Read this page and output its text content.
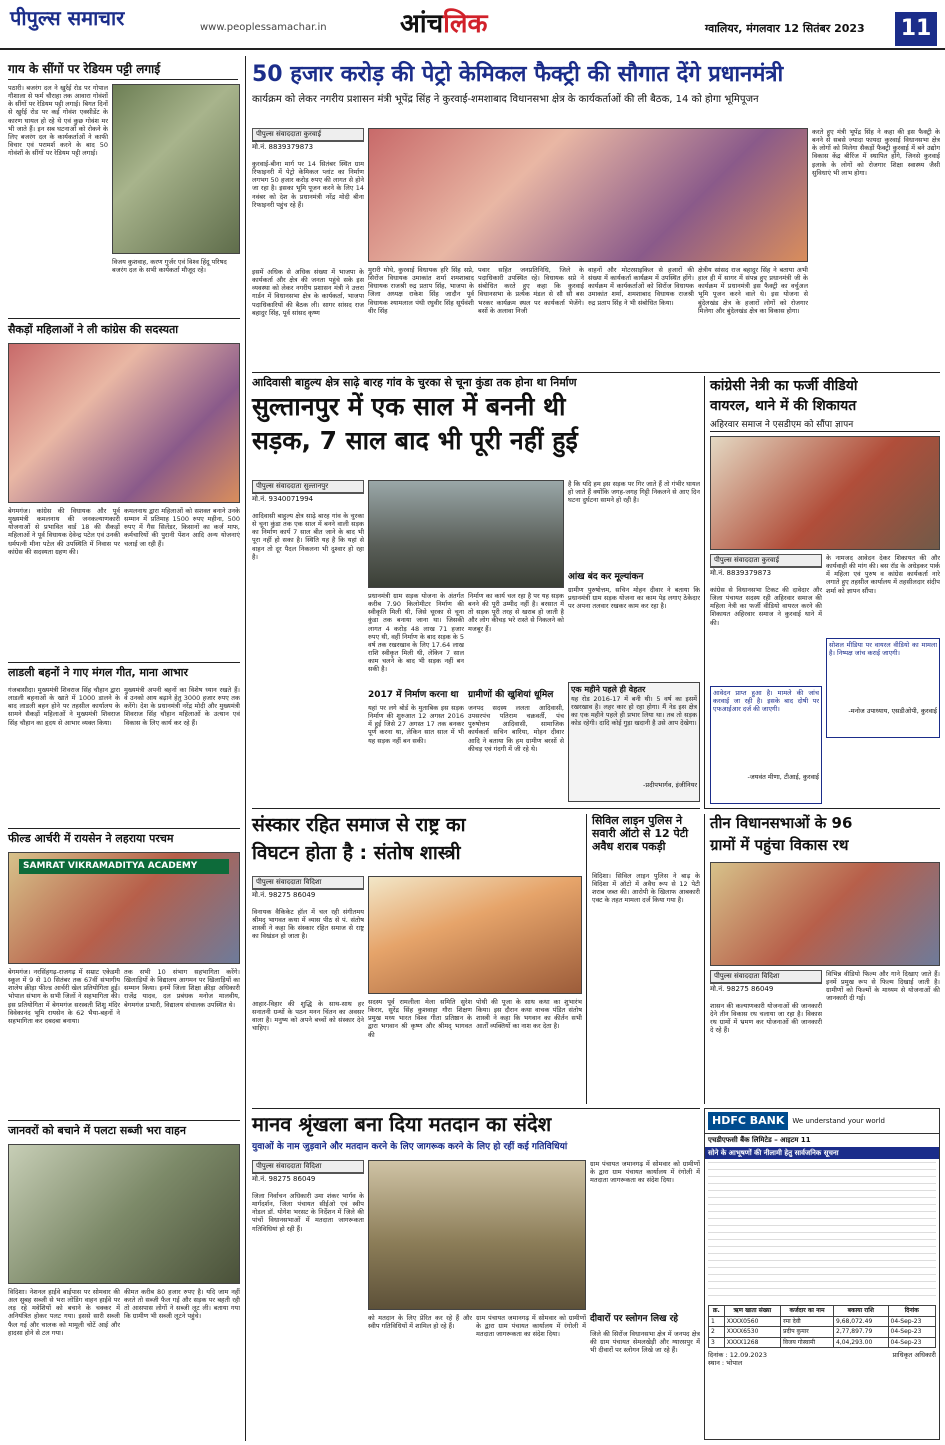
पीपुल्स समाचार	www.peoplessamachar.in	आंचलिक	ग्वालियर, मंगलवार 12 सितंबर 2023 11
गाय के सींगों पर रेडियम पट्टी लगाई
पठारी। बजरंग दल ने खुर्रई रोड पर गोपाल गौशाला से फर्म चौराहा तक आवारा गोवंशों के सींगों पर रेडियम पट्टी लगाई। बिगत दिनों से खुर्रई रोड पर कई गोवंश एक्सीडेंट के कारण घायल हो रहे थे एवं कुछ गोवंश मर भी जाते हैं। इन सब घटनाओं को रोकने के लिए बजरंग दल के कार्यकर्ताओं ने काफी विचार एवं परामर्श करने के बाद 50 गोवंशों के सींगों पर रेडियम पट्टी लगाई।
विजय कुशवाह, करण गुर्जर एवं विश्व हिंदू परिषद बजरंग दल के सभी कार्यकर्ता मौजूद रहे।
सैकड़ों महिलाओं ने ली कांग्रेस की सदस्यता
बेगमगंज। कांग्रेस की विधायक और पूर्व मुख्यमंत्री कमलनाथ की जनकल्याणकारी योजनाओं से प्रभावित वार्ड 18 की सैकड़ों महिलाओं ने पूर्व विधायक देवेन्द्र पटेल एवं उनकी धर्मपत्नी मीना पटेल की उपस्थिति में निवास पर कांग्रेस की सदस्यता ग्रहण की।
कमलनाथ द्वारा महिलाओं को सशक्त बनाने उनके सम्मान में प्रतिमाह 1500 रुपए महीना, 500 रुपए में गैस सिलेंडर, किसानों का कर्ज माफ, कर्मचारियों की पुरानी पेंशन आदि अन्य योजनाएं चलाई जा रही हैं।
लाडली बहनों ने गाए मंगल गीत, माना आभार
गंजबासौदा। मुख्यमंत्री शिवराज सिंह चौहान द्वारा लाडली बहनाओं के खाते में 1000 डालने के बाद लाडली बहन होने पर तहसील कार्यालय के सामने सैकड़ों महिलाओं ने मुख्यमंत्री शिवराज सिंह चौहान का हृदय से आभार व्यक्त किया।
मुख्यमंत्री अपनी बहनों का विशेष ध्यान रखते हैं। वे उनको आय बढ़ाने हेतु 3000 हजार रुपए तक करेंगे। देश के प्रधानमंत्री नरेंद्र मोदी और मुख्यमंत्री शिवराज सिंह चौहान महिलाओं के उत्थान एवं विकास के लिए कार्य कर रहे हैं।
फील्ड आर्चरी में रायसेन ने लहराया परचम
SAMRAT VIKRAMADITYA ACADEMY
बेगमगंज। नरसिंहगढ़-राजगढ़ में सम्राट एकेडमी स्कूल में 9 से 10 सितंबर तक 67वीं संभागीय शालेय क्रीड़ा फील्ड आर्चरी खेल प्रतियोगिता हुई। भोपाल संभाग के सभी जिलों ने सहभागिता की। इस प्रतियोगिता में बेगमगंज सरस्वती शिशु मंदिर विवेकानंद भूमि रायसेन के 62 भैया-बहनों ने सहभागिता कर दबदबा बनाया।
तक सभी 10 संभाग सहभागिता करेंगे। खिलाड़ियों के विद्यालय आगमन पर खिलाड़ियों का सम्मान किया। इनमें जिला शिक्षा क्रीड़ा अधिकारी राजेंद्र यादव, दल प्रबंधक मनोज मालवीय, बेगमगंज प्रभारी, विद्यालय संचालक उपस्थित थे।
जानवरों को बचाने में पलटा सब्जी भरा वाहन
विदिशा। नेशनल हाईवे बाईपास पर सोमवार की अल सुबह सब्जी से भरा लोडिंग वाहन हाईवे पर लड़ रहे मवेशियों को बचाने के चक्कर में अनियंत्रित होकर पलट गया। इससे सारी सब्जी फैल गई और चालक को मामूली चोटें आई और हादसा होने से टल गया।
कीमत करीब 80 हजार रुपए है। यदि जाम नहीं करते तो सब्जी फैल गई और सड़क पर बहती रही तो आसपास लोगों ने सब्जी लूट ली। बताया गया कि ग्रामीण भी सब्जी लूटने पहुंचे।
50 हजार करोड़ की पेट्रो केमिकल फैक्ट्री की सौगात देंगे प्रधानमंत्री
कार्यक्रम को लेकर नगरीय प्रशासन मंत्री भूपेंद्र सिंह ने कुरवाई-शमशाबाद विधानसभा क्षेत्र के कार्यकर्ताओं की ली बैठक, 14 को होगा भूमिपूजन
पीपुल्स संवाददाता कुरवाई
मो.नं. 8839379873
कुरवाई-बीना मार्ग पर 14 सितंबर स्थित ग्राम रिफाइनरी में पेट्रो केमिकल प्लांट का निर्माण लगभग 50 हजार करोड़ रुपए की लागत से होने जा रहा है। इसका भूमि पूजन करने के लिए 14 नवंबर को देश के प्रधानमंत्री नरेंद्र मोदी बीना रिफाइनरी पहुंच रहे हैं।
इसमें अधिक से अधिक संख्या में भाजपा के कार्यकर्ता और क्षेत्र की जनता पहुंचे सके इस व्यवस्था को लेकर नगरीय प्रशासन मंत्री ने उत्तरा गार्डन में विधानसभा क्षेत्र के कार्यकर्ता, भाजपा पदाधिकारियों की बैठक ली। सागर सांसद राज बहादुर सिंह, पूर्व सांसद कृष्ण
मुरारी मोघे, कुरवाई विधायक हरि सिंह सप्रे, सिरोंज विधायक उमाकांत शर्मा शमशाबाद विधायक राजश्री रुद्र प्रताप सिंह, भाजपा के जिला अध्यक्ष राकेश सिंह जादौन पूर्व विधायक श्यामलाल पंथी रघुवीर सिंह सूर्यवंशी वीर सिंह
पवार सहित जनप्रतिनिधि, जिले के पदाधिकारी उपस्थित रहे। विधायक सप्रे ने संबोधित करते हुए कहा कि कुरवाई विधानसभा के प्रत्येक मंडल से सौ सौ बस भरकर कार्यक्रम स्थल पर कार्यकर्ता भेजेंगे। बसों के अलावा निजी
वाहनों और मोटरसाइकिल से हजारों की संख्या में कार्यकर्ता कार्यक्रम में उपस्थित होंगे। कार्यक्रम में कार्यकर्ताओं को सिरोंज विधायक उमाकांत शर्मा, शमशाबाद विधायक राजश्री रुद्र प्रताप सिंह ने भी संबोधित किया।
करते हुए मंत्री भूपेंद्र सिंह ने कहा की इस फैक्ट्री के बनने से सबसे ज्यादा फायदा कुरवाई विधानसभा क्षेत्र के लोगों को मिलेगा सैकड़ों फैक्ट्री कुरवाई में बने उद्योग विकास केंद्र बीरिंज में स्थापित होंगे, जिनसे कुरवाई इलाके के लोगों को रोजगार शिक्षा स्वास्थ्य जैसी सुविधाएं भी लाभ होगा।
क्षेत्रीय सांसद राज बहादुर सिंह ने बताया अभी हाल ही में सागर में संपन्न हुए प्रधानमंत्री जी के कार्यक्रम में प्रधानमंत्री इस फैक्ट्री का वर्चुअल भूमि पूजन करने वाले थे। इस योजना से बुंदेलखंड क्षेत्र के हजारों लोगों को रोजगार मिलेगा और बुंदेलखंड क्षेत्र का विकास होगा।
आदिवासी बाहुल्य क्षेत्र साढ़े बारह गांव के चुरका से चूना कुंडा तक होना था निर्माण
सुल्तानपुर में एक साल में बननी थी
सड़क, 7 साल बाद भी पूरी नहीं हुई
पीपुल्स संवाददाता सुल्तानपुर
मो.नं. 9340071994
आदिवासी बाहुल्य क्षेत्र साढ़े बारह गांव के चुरका से चूना कुंडा तक एक साल में बनने वाली सड़क का निर्माण कार्य 7 साल बीत जाने के बाद भी पूरा नहीं हो सका है। स्थिति यह है कि यहां से वाहन तो दूर पैदल निकलना भी दुश्वार हो रहा है।
प्रधानमंत्री ग्राम सड़क योजना के अंतर्गत करीब 7.90 किलोमीटर निर्माण की स्वीकृति मिली थी, जिसे चूरका से चूना कुंडा तक बनाया जाना था। जिसकी लागत 4 करोड़ 48 लाख 71 हजार रुपए थी, वहीं निर्माण के बाद सड़क के 5 वर्ष तक रखरखाव के लिए 17.64 लाख राशि स्वीकृत मिली थी, लेकिन 7 साल काम चलने के बाद भी सड़क नहीं बन सकी है।
2017 में निर्माण करना था
यहां पर लगे बोर्ड के मुताबिक इस सड़क निर्माण की शुरुआत 12 अगस्त 2016 में हुई जिसे 27 अगस्त 17 तक बनकर पूर्ण करना था, लेकिन सात साल में भी यह सड़क नहीं बन सकी।
निर्माण का कार्य चल रहा है पर यह सड़क बनने की पूरी उम्मीद नहीं है। बरसात में तो सड़क पूरी तरह से खराब हो जाती है और लोग कीचड़ भरे रास्ते से निकलने को मजबूर हैं।
ग्रामीणों की खुशियां धूमिल
जनपद सदस्य ललता आदिवासी, उपसरपंच पतिराम चक्रवर्ती, पंच पुरुषोत्तम आदिवासी, सामाजिक कार्यकर्ता सचिन बारिया, मोहन दीवार आदि ने बताया कि हम ग्रामीण बरसों से कीचड़ एवं गंदगी में जी रहे थे।
है कि यदि हम इस सड़क पर गिर जाते हैं तो गंभीर घायल हो जाते हैं क्योंकि जगह-जगह गिट्टी निकलने से आए दिन घटना दुर्घटना सामने हो रही है।
आंख बंद कर मूल्यांकन
ग्रामीण पुरुषोत्तम, सचिन मोहन दीवार ने बताया कि प्रधानमंत्री ग्राम सड़क योजना का काम पेड़ लगाए ठेकेदार पर अपना तलवार रखकर काम कर रहा है।
एक महीने पहले ही वेहतर
यह रोड 2016-17 में बनी थी। 5 वर्ष का इसमें रखरखाव है। लहर कार हो रहा होगा। मैं नेड इस क्षेत्र का एक महीने पहले ही प्रभार लिया था। तब तो सड़क कोड रहेगी। दादि कोई गुड़ा खदानी है उसे आप देखेगा।
-प्रदीपभार्गव, इंजीनियर
कांग्रेसी नेत्री का फर्जी वीडियो
वायरल, थाने में की शिकायत
अहिरवार समाज ने एसडीएम को सौंपा ज्ञापन
पीपुल्स संवाददाता कुरवाई
मो.नं. 8839379873
कांग्रेस से विधानसभा टिकट की दावेदार और जिला पंचायत सदस्य रही अहिरवार समाज की महिला नेत्री का फर्जी वीडियो वायरल करने की शिकायत अहिरवार समाज ने कुरवाई थाने में की।
के नामजद आवेदन देकर शिकायत की और कार्यवाही की मांग की। बस रॉड के अधेड़कर पार्क में महिला एवं पुरुष व कांग्रेस कार्यकर्ता नारे लगाते हुए तहसील कार्यालय में तहसीलदार संदीप शर्मा को ज्ञापन सौंपा।
सोशल मीडिया पर वायरल वीडियो का मामला है। निष्पक्ष जांच कराई जाएगी।
-मनोज उपाध्याय, एसडीओपी, कुरवाई
आवेदन प्राप्त हुआ है। मामले की जांच करवाई जा रही है। इसके बाद दोषी पर एफआईआर दर्ज की जाएगी।
-जयवंत मीणा, टीआई, कुरवाई
संस्कार रहित समाज से राष्ट्र का
विघटन होता है : संतोष शास्त्री
पीपुल्स संवाददाता विदिशा
मो.नं. 98275 86049
विनायक वैकिकेट हॉल में चल रही संगीतमय श्रीमद् भागवत कथा में व्यास पीठ से पं. संतोष शास्त्री ने कहा कि संस्कार रहित समाज से राष्ट्र का विखंडन हो जाता है।
आहार-विहार की शुद्धि के साथ-साथ हर सनातनी ग्रन्थों के पठन मनन चिंतन का अवसर वाला है। मनुष्य को अपने बच्चों को संस्कार देने चाहिए।
सदस्य पूर्व रामलीला मेला समिति सुरेश किरार, सुरेंद्र सिंह कुशवाहा गौरा शिक्षण प्रमुख मध्य भारत विश्व गीता प्रतिष्ठान के द्वारा भगवान श्री कृष्ण और श्रीमद् भागवत की
पोथी की पूजा के साथ कथा का शुभारंभ किया। इस दौरान कथा वाचक पंडित संतोष शास्त्री ने कहा कि भगवान का कीर्तन सभी आर्तों व्यक्तियों का नाश कर देता है।
सिविल लाइन पुलिस ने सवारी ऑटो से 12 पेटी अवैध शराब पकड़ी
विदिशा। सिविल लाइन पुलिस ने बाढ़ के विदिशा में ऑटो में अवैध रूप से 12 पेटी शराब जब्त की। आरोपी के खिलाफ आबकारी एक्ट के तहत मामला दर्ज किया गया है।
तीन विधानसभाओं के 96
ग्रामों में पहुंचा विकास रथ
पीपुल्स संवाददाता विदिशा
मो.नं. 98275 86049
शासन की कल्याणकारी योजनाओं की जानकारी देने तीन विकास रथ चलाया जा रहा है। विकास रथ ग्रामों में भ्रमण कर योजनाओं की जानकारी दे रहे हैं।
विभिन्न वीडियो फिल्म और गाने दिखाए जाते हैं। इनमें प्रमुख रूप से फिल्म दिखाई जाती है। ग्रामीणों को फिल्मों के माध्यम से योजनाओं की जानकारी दी गई।
मानव श्रृंखला बना दिया मतदान का संदेश
युवाओं के नाम जुड़वाने और मतदान करने के लिए जागरूक करने के लिए हो रहीं कई गतिविधियां
पीपुल्स संवाददाता विदिशा
मो.नं. 98275 86049
जिला निर्वाचन अधिकारी उमा शंकर भार्गव के मार्गदर्शन, जिला पंचायत सीईओ एवं स्वीप नोडल डॉ. योगेश भरसट के निर्देशन में जिले की पांचों विधानसभाओं में मतदाता जागरूकता गतिविधियां हो रही हैं।
को मतदान के लिए प्रेरित कर रहे हैं और स्वीप गतिविधियों में शामिल हो रहे हैं।
ग्राम पंचायत जमानगढ़ में सोमवार को ग्रामीणों के द्वारा ग्राम पंचायत कार्यालय में रंगोली में मतदाता जागरूकता का संदेश दिया।
ग्राम पंचायत जमानगढ़ में सोमवार को ग्रामीणों के द्वारा ग्राम पंचायत कार्यालय में रंगोली में मतदाता जागरूकता का संदेश दिया।
दीवारों पर स्लोगन लिख रहे
जिले की सिरोंज विधानसभा क्षेत्र में जनपद क्षेत्र की ग्राम पंचायत सेमलखेड़ी और ग्यारसपुर में भी दीवारों पर स्लोगन लिखे जा रहे हैं।
HDFC BANK	We understand your world
एचडीएफसी बैंक लिमिटेड – आइटम 11
सोने के आभूषणों की नीलामी हेतु सार्वजनिक सूचना
क्र.	ऋण खाता संख्या	कर्जदार का नाम	बकाया राशि	दिनांक
1	XXXX0560	रमा देवी	9,68,072.49	04-Sep-23
2	XXXX6530	प्रदीप कुमार	2,77,897.79	04-Sep-23
3	XXXX1268	विजय गोस्वामी	4,04,293.00	04-Sep-23
दिनांक : 12.09.2023
स्थान : भोपाल
प्राधिकृत अधिकारी
